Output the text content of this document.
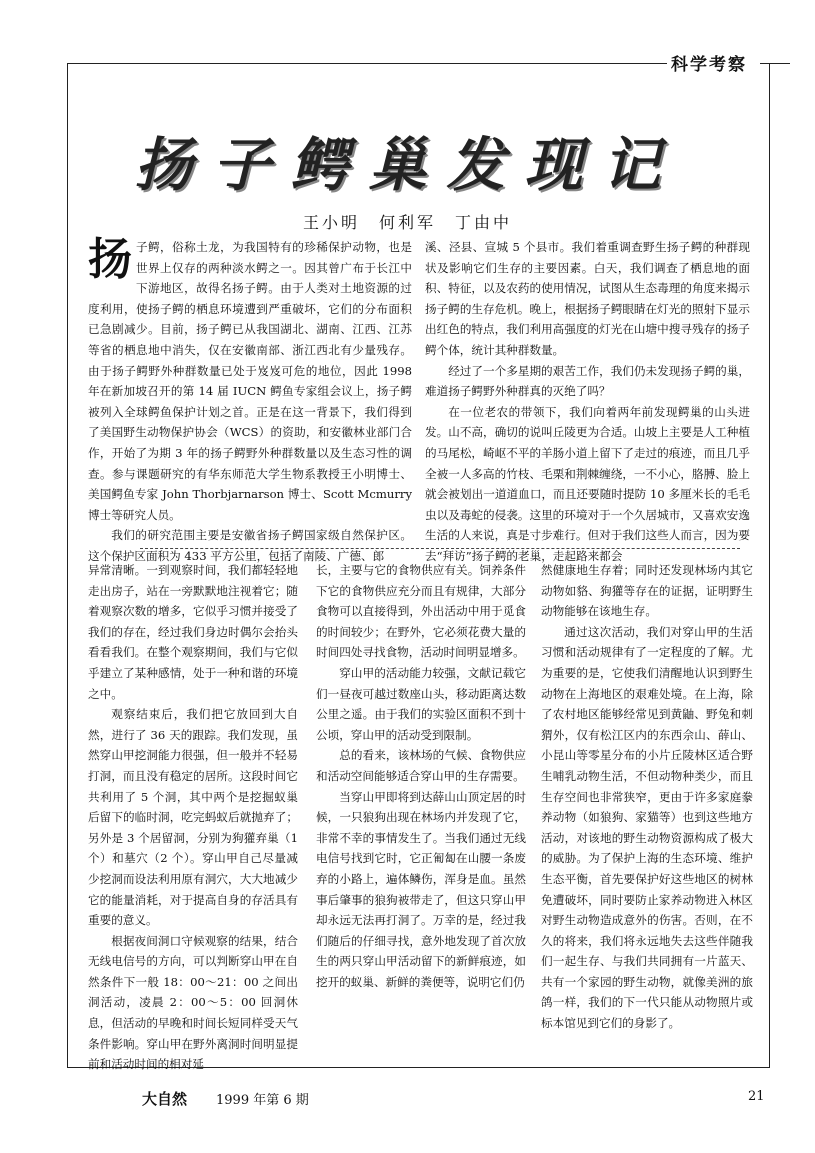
科学考察
扬子鳄巢发现记
王小明　何利军　丁由中

扬子鳄，俗称土龙，为我国特有的珍稀保护动物，也是世界上仅存的两种淡水鳄之一。因其曾广布于长江中下游地区，故得名扬子鳄。由于人类对土地资源的过度利用，使扬子鳄的栖息环境遭到严重破坏，它们的分布面积已急剧减少。目前，扬子鳄已从我国湖北、湖南、江西、江苏等省的栖息地中消失，仅在安徽南部、浙江西北有少量残存。由于扬子鳄野外种群数量已处于岌岌可危的地位，因此 1998 年在新加坡召开的第 14 届 IUCN 鳄鱼专家组会议上，扬子鳄被列入全球鳄鱼保护计划之首。正是在这一背景下，我们得到了美国野生动物保护协会（WCS）的资助，和安徽林业部门合作，开始了为期 3 年的扬子鳄野外种群数量以及生态习性的调查。参与课题研究的有华东师范大学生物系教授王小明博士、美国鳄鱼专家 John Thorbjarnarson 博士、Scott Mcmurry 博士等研究人员。

我们的研究范围主要是安徽省扬子鳄国家级自然保护区。这个保护区面积为 433 平方公里，包括了南陵、广德、郎

溪、泾县、宣城 5 个县市。我们着重调查野生扬子鳄的种群现状及影响它们生存的主要因素。白天，我们调查了栖息地的面积、特征，以及农药的使用情况，试图从生态毒理的角度来揭示扬子鳄的生存危机。晚上，根据扬子鳄眼睛在灯光的照射下显示出红色的特点，我们利用高强度的灯光在山塘中搜寻残存的扬子鳄个体，统计其种群数量。

经过了一个多星期的艰苦工作，我们仍未发现扬子鳄的巢，难道扬子鳄野外种群真的灭绝了吗？

在一位老农的带领下，我们向着两年前发现鳄巢的山头进发。山不高，确切的说叫丘陵更为合适。山坡上主要是人工种植的马尾松，崎岖不平的羊肠小道上留下了走过的痕迹，而且几乎全被一人多高的竹枝、毛栗和荆棘缠绕，一不小心，胳膊、脸上就会被划出一道道血口，而且还要随时提防 10 多厘米长的毛毛虫以及毒蛇的侵袭。这里的环境对于一个久居城市，又喜欢安逸生活的人来说，真是寸步难行。但对于我们这些人而言，因为要去“拜访”扬子鳄的老巢，走起路来都会

异常清晰。一到观察时间，我们都轻轻地走出房子，站在一旁默默地注视着它；随着观察次数的增多，它似乎习惯并接受了我们的存在，经过我们身边时偶尔会抬头看看我们。在整个观察期间，我们与它似乎建立了某种感情，处于一种和谐的环境之中。

观察结束后，我们把它放回到大自然，进行了 36 天的跟踪。我们发现，虽然穿山甲挖洞能力很强，但一般并不轻易打洞，而且没有稳定的居所。这段时间它共利用了 5 个洞，其中两个是挖掘蚁巢后留下的临时洞，吃完蚂蚁后就抛弃了；另外是 3 个居留洞，分别为狗獾弃巢（1 个）和墓穴（2 个）。穿山甲自己尽量减少挖洞而设法利用原有洞穴，大大地减少它的能量消耗，对于提高自身的存活具有重要的意义。

根据夜间洞口守候观察的结果，结合无线电信号的方向，可以判断穿山甲在自然条件下一般 18：00～21：00 之间出洞活动，凌晨 2：00～5：00 回洞休息，但活动的早晚和时间长短同样受天气条件影响。穿山甲在野外离洞时间明显提前和活动时间的相对延

长，主要与它的食物供应有关。饲养条件下它的食物供应充分而且有规律，大部分食物可以直接得到，外出活动中用于觅食的时间较少；在野外，它必须花费大量的时间四处寻找食物，活动时间明显增多。

穿山甲的活动能力较强，文献记载它们一昼夜可越过数座山头，移动距离达数公里之遥。由于我们的实验区面积不到十公顷，穿山甲的活动受到限制。

总的看来，该林场的气候、食物供应和活动空间能够适合穿山甲的生存需要。

当穿山甲即将到达薛山山顶定居的时候，一只狼狗出现在林场内并发现了它，非常不幸的事情发生了。当我们通过无线电信号找到它时，它正匍匐在山腰一条废弃的小路上，遍体鳞伤，浑身是血。虽然事后肇事的狼狗被带走了，但这只穿山甲却永远无法再打洞了。万幸的是，经过我们随后的仔细寻找，意外地发现了首次放生的两只穿山甲活动留下的新鲜痕迹，如挖开的蚁巢、新鲜的粪便等，说明它们仍

然健康地生存着；同时还发现林场内其它动物如貉、狗獾等存在的证据，证明野生动物能够在该地生存。

通过这次活动，我们对穿山甲的生活习惯和活动规律有了一定程度的了解。尤为重要的是，它使我们清醒地认识到野生动物在上海地区的艰难处境。在上海，除了农村地区能够经常见到黄鼬、野兔和刺猬外，仅有松江区内的东西佘山、薛山、小昆山等零星分布的小片丘陵林区适合野生哺乳动物生活，不但动物种类少，而且生存空间也非常狭窄，更由于许多家庭豢养动物（如狼狗、家猫等）也到这些地方活动，对该地的野生动物资源构成了极大的威胁。为了保护上海的生态环境、维护生态平衡，首先要保护好这些地区的树林免遭破坏，同时要防止家养动物进入林区对野生动物造成意外的伤害。否则，在不久的将来，我们将永远地失去这些伴随我们一起生存、与我们共同拥有一片蓝天、共有一个家园的野生动物，就像美洲的旅鸽一样，我们的下一代只能从动物照片或标本馆见到它们的身影了。

大自然 1999 年第 6 期	21
